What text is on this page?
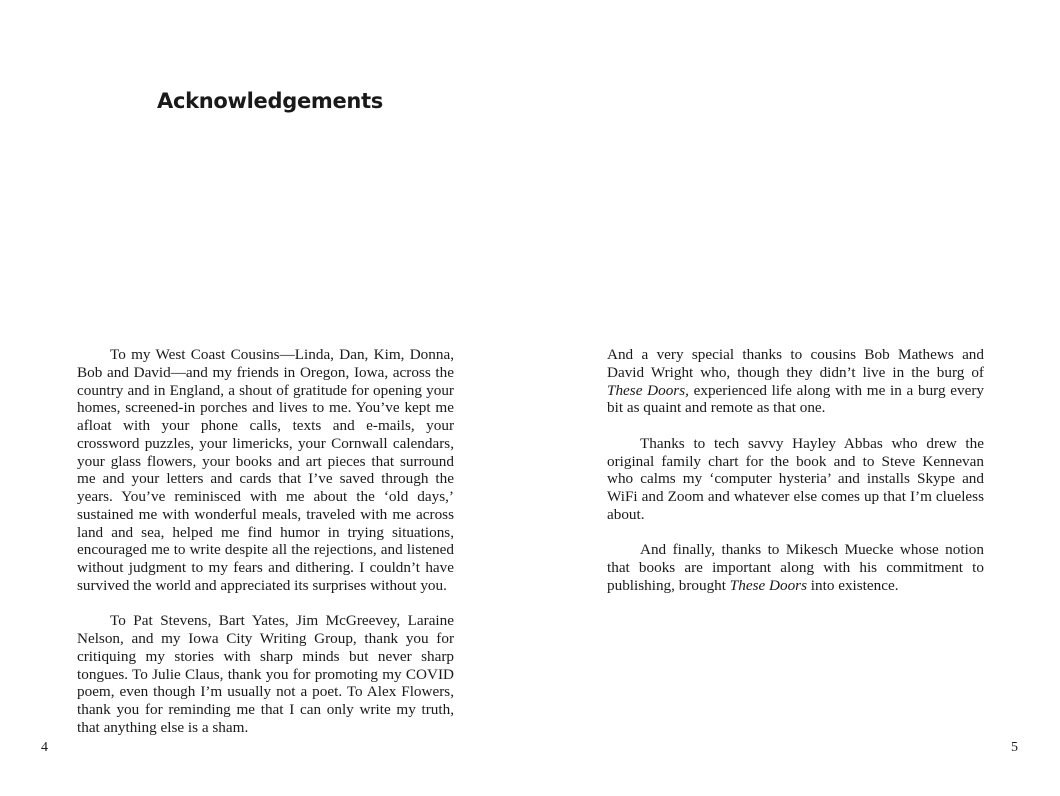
Acknowledgements

To my West Coast Cousins—Linda, Dan, Kim, Donna, Bob and David—and my friends in Oregon, Iowa, across the country and in England, a shout of gratitude for opening your homes, screened-in porches and lives to me. You’ve kept me afloat with your phone calls, texts and e-mails, your crossword puzzles, your limericks, your Cornwall calendars, your glass flowers, your books and art pieces that surround me and your letters and cards that I’ve saved through the years. You’ve reminisced with me about the ‘old days,’ sustained me with wonderful meals, traveled with me across land and sea, helped me find humor in trying situations, encouraged me to write despite all the rejections, and listened without judgment to my fears and dithering. I couldn’t have survived the world and appreciated its surprises without you.

To Pat Stevens, Bart Yates, Jim McGreevey, Laraine Nelson, and my Iowa City Writing Group, thank you for critiquing my stories with sharp minds but never sharp tongues. To Julie Claus, thank you for promoting my COVID poem, even though I’m usually not a poet. To Alex Flowers, thank you for reminding me that I can only write my truth, that anything else is a sham.

4

And a very special thanks to cousins Bob Mathews and David Wright who, though they didn’t live in the burg of These Doors, experienced life along with me in a burg every bit as quaint and remote as that one.

Thanks to tech savvy Hayley Abbas who drew the original family chart for the book and to Steve Kennevan who calms my ‘computer hysteria’ and installs Skype and WiFi and Zoom and whatever else comes up that I’m clueless about.

And finally, thanks to Mikesch Muecke whose notion that books are important along with his commitment to publishing, brought These Doors into existence.

5
